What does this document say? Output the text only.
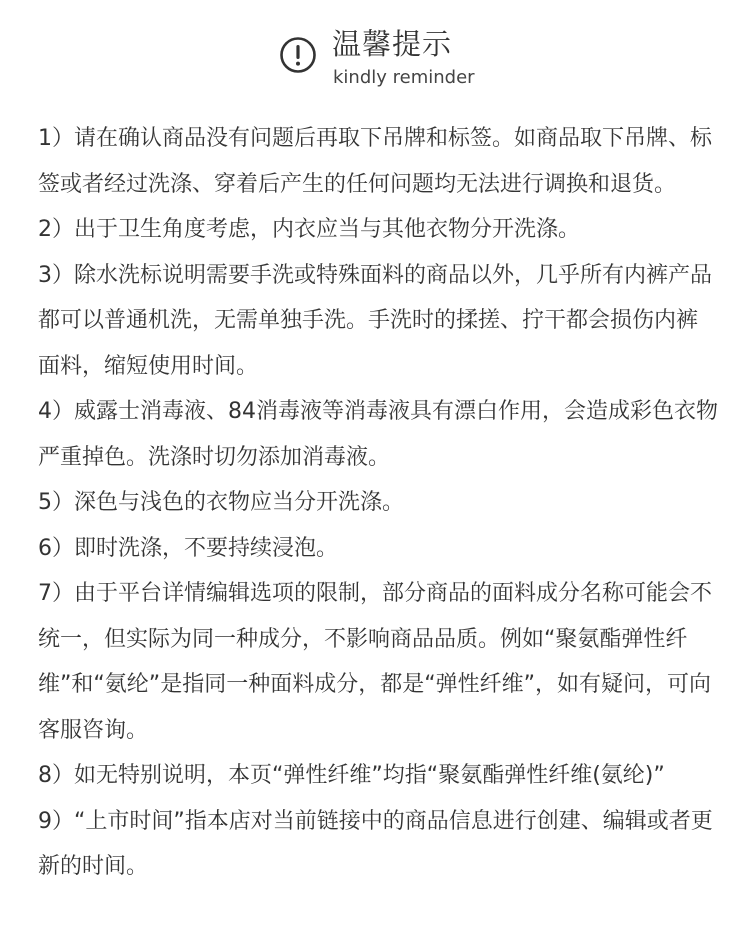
温馨提示
kindly reminder

1）请在确认商品没有问题后再取下吊牌和标签。如商品取下吊牌、标签或者经过洗涤、穿着后产生的任何问题均无法进行调换和退货。

2）出于卫生角度考虑，内衣应当与其他衣物分开洗涤。

3）除水洗标说明需要手洗或特殊面料的商品以外，几乎所有内裤产品都可以普通机洗，无需单独手洗。手洗时的揉搓、拧干都会损伤内裤面料，缩短使用时间。

4）威露士消毒液、84消毒液等消毒液具有漂白作用，会造成彩色衣物严重掉色。洗涤时切勿添加消毒液。

5）深色与浅色的衣物应当分开洗涤。

6）即时洗涤，不要持续浸泡。

7）由于平台详情编辑选项的限制，部分商品的面料成分名称可能会不统一，但实际为同一种成分，不影响商品品质。例如“聚氨酯弹性纤维”和“氨纶”是指同一种面料成分，都是“弹性纤维”，如有疑问，可向客服咨询。

8）如无特别说明，本页“弹性纤维”均指“聚氨酯弹性纤维(氨纶)”

9）“上市时间”指本店对当前链接中的商品信息进行创建、编辑或者更新的时间。
